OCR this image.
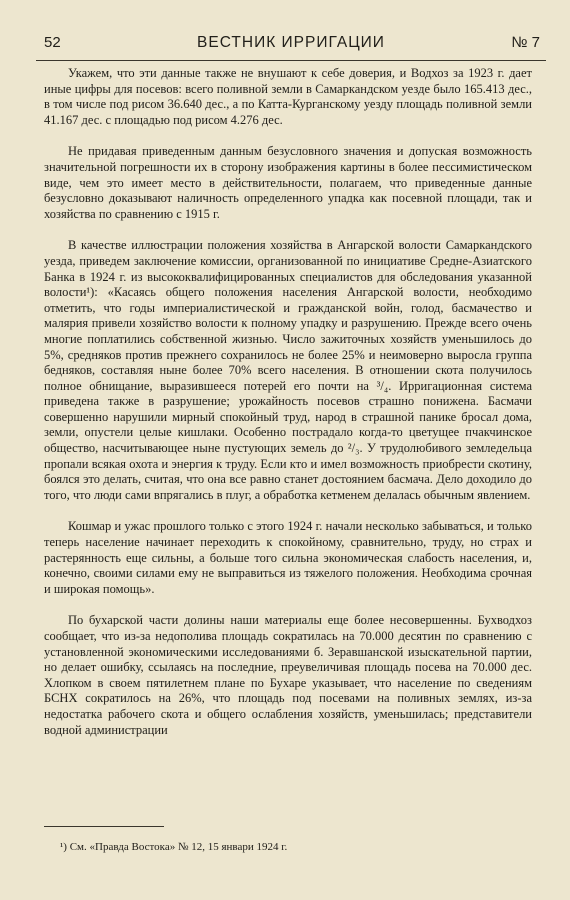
52	ВЕСТНИК ИРРИГАЦИИ	№ 7

Укажем, что эти данные также не внушают к себе доверия, и Водхоз за 1923 г. дает иные цифры для посевов: всего поливной земли в Самаркандском уезде было 165.413 дес., в том числе под рисом 36.640 дес., а по Катта-Курганскому уезду площадь поливной земли 41.167 дес. с площадью под рисом 4.276 дес.

Не придавая приведенным данным безусловного значения и допуская возможность значительной погрешности их в сторону изображения картины в более пессимистическом виде, чем это имеет место в действительности, полагаем, что приведенные данные безусловно доказывают наличность определенного упадка как посевной площади, так и хозяйства по сравнению с 1915 г.

В качестве иллюстрации положения хозяйства в Ангарской волости Самаркандского уезда, приведем заключение комиссии, организованной по инициативе Средне-Азиатского Банка в 1924 г. из высококвалифицированных специалистов для обследования указанной волости¹): «Касаясь общего положения населения Ангарской волости, необходимо отметить, что годы империалистической и гражданской войн, голод, басмачество и малярия привели хозяйство волости к полному упадку и разрушению. Прежде всего очень многие поплатились собственной жизнью. Число зажиточных хозяйств уменьшилось до 5%, средняков против прежнего сохранилось не более 25% и неимоверно выросла группа бедняков, составляя ныне более 70% всего населения. В отношении скота получилось полное обнищание, выразившееся потерей его почти на ³/₄. Ирригационная система приведена также в разрушение; урожайность посевов страшно понижена. Басмачи совершенно нарушили мирный спокойный труд, народ в страшной панике бросал дома, земли, опустели целые кишлаки. Особенно пострадало когда-то цветущее пчакчинское общество, насчитывающее ныне пустующих земель до ²/₃. У трудолюбивого земледельца пропали всякая охота и энергия к труду. Если кто и имел возможность приобрести скотину, боялся это делать, считая, что она все равно станет достоянием басмача. Дело доходило до того, что люди сами впрягались в плуг, а обработка кетменем делалась обычным явлением.

Кошмар и ужас прошлого только с этого 1924 г. начали несколько забываться, и только теперь население начинает переходить к спокойному, сравнительно, труду, но страх и растерянность еще сильны, а больше того сильна экономическая слабость населения, и, конечно, своими силами ему не выправиться из тяжелого положения. Необходима срочная и широкая помощь».

По бухарской части долины наши материалы еще более несовершенны. Бухводхоз сообщает, что из-за недополива площадь сократилась на 70.000 десятин по сравнению с установленной экономическими исследованиями б. Зеравшанской изыскательной партии, но делает ошибку, ссылаясь на последние, преувеличивая площадь посева на 70.000 дес. Хлопком в своем пятилетнем плане по Бухаре указывает, что население по сведениям БСНХ сократилось на 26%, что площадь под посевами на поливных землях, из-за недостатка рабочего скота и общего ослабления хозяйств, уменьшилась; представители водной администрации

¹) См. «Правда Востока» № 12, 15 январи 1924 г.
